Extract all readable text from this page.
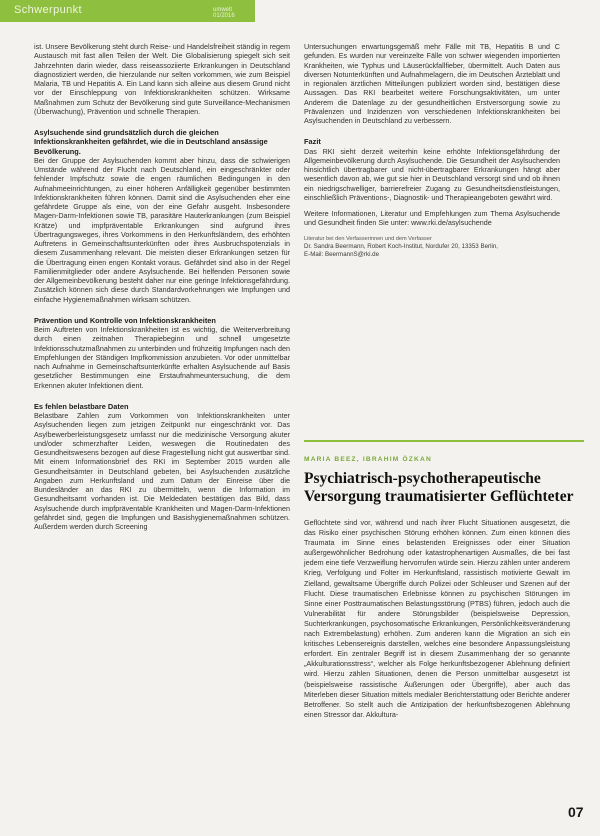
Schwerpunkt	umwelt 01/2016

ist. Unsere Bevölkerung steht durch Reise- und Handelsfreiheit ständig in regem Austausch mit fast allen Teilen der Welt. Die Globalisierung spiegelt sich seit Jahrzehnten darin wieder, dass reiseassoziierte Erkrankungen in Deutschland diagnostiziert werden, die hierzulande nur selten vorkommen, wie zum Beispiel Malaria, TB und Hepatitis A. Ein Land kann sich alleine aus diesem Grund nicht vor der Einschleppung von Infektionskrankheiten schützen. Wirksame Maßnahmen zum Schutz der Bevölkerung sind gute Surveillance-Mechanismen (Überwachung), Prävention und schnelle Therapien.

Asylsuchende sind grundsätzlich durch die gleichen Infektionskrankheiten gefährdet, wie die in Deutschland ansässige Bevölkerung.

Bei der Gruppe der Asylsuchenden kommt aber hinzu, dass die schwierigen Umstände während der Flucht nach Deutschland, ein eingeschränkter oder fehlender Impfschutz sowie die engen räumlichen Bedingungen in den Aufnahmeeinrichtungen, zu einer höheren Anfälligkeit gegenüber bestimmten Infektionskrankheiten führen können. Damit sind die Asylsuchenden eher eine gefährdete Gruppe als eine, von der eine Gefahr ausgeht. Insbesondere Magen-Darm-Infektionen sowie TB, parasitäre Hauterkrankungen (zum Beispiel Krätze) und impfpräventable Erkrankungen sind aufgrund ihres Übertragungsweges, ihres Vorkommens in den Herkunftsländern, des erhöhten Auftretens in Gemeinschaftsunterkünften oder ihres Ausbruchspotenzials in diesem Zusammenhang relevant. Die meisten dieser Erkrankungen setzen für die Übertragung einen engen Kontakt voraus. Gefährdet sind also in der Regel Familienmitglieder oder andere Asylsuchende. Bei helfenden Personen sowie der Allgemeinbevölkerung besteht daher nur eine geringe Infektionsgefährdung. Zusätzlich können sich diese durch Standardvorkehrungen wie Impfungen und einfache Hygienemaßnahmen wirksam schützen.

Prävention und Kontrolle von Infektionskrankheiten

Beim Auftreten von Infektionskrankheiten ist es wichtig, die Weiterverbreitung durch einen zeitnahen Therapiebeginn und schnell umgesetzte Infektionsschutzmaßnahmen zu unterbinden und frühzeitig Impfungen nach den Empfehlungen der Ständigen Impfkommission anzubieten. Vor oder unmittelbar nach Aufnahme in Gemeinschaftsunterkünfte erhalten Asylsuchende auf Basis gesetzlicher Bestimmungen eine Erstaufnahmeuntersuchung, die dem Erkennen akuter Infektionen dient.

Es fehlen belastbare Daten

Belastbare Zahlen zum Vorkommen von Infektionskrankheiten unter Asylsuchenden liegen zum jetzigen Zeitpunkt nur eingeschränkt vor. Das Asylbewerberleistungsgesetz umfasst nur die medizinische Versorgung akuter und/oder schmerzhafter Leiden, weswegen die Routinedaten des Gesundheitswesens bezogen auf diese Fragestellung nicht gut auswertbar sind. Mit einem Informationsbrief des RKI im September 2015 wurden alle Gesundheitsämter in Deutschland gebeten, bei Asylsuchenden zusätzliche Angaben zum Herkunftsland und zum Datum der Einreise über die Bundesländer an das RKI zu übermitteln, wenn die Information im Gesundheitsamt vorhanden ist. Die Meldedaten bestätigen das Bild, dass Asylsuchende durch impfpräventable Krankheiten und Magen-Darm-Infektionen gefährdet sind, gegen die Impfungen und Basishygienemaßnahmen schützen. Außerdem werden durch Screening

Untersuchungen erwartungsgemäß mehr Fälle mit TB, Hepatitis B und C gefunden. Es wurden nur vereinzelte Fälle von schwer wiegenden importierten Krankheiten, wie Typhus und Läuserückfallfieber, übermittelt. Auch Daten aus diversen Notunterkünften und Aufnahmelagern, die im Deutschen Ärzteblatt und in regionalen ärztlichen Mitteilungen publiziert worden sind, bestätigen diese Aussagen. Das RKI bearbeitet weitere Forschungsaktivitäten, um unter Anderem die Datenlage zu der gesundheitlichen Erstversorgung sowie zu Prävalenzen und Inzidenzen von verschiedenen Infektionskrankheiten bei Asylsuchenden in Deutschland zu verbessern.

Fazit

Das RKI sieht derzeit weiterhin keine erhöhte Infektionsgefährdung der Allgemeinbevölkerung durch Asylsuchende. Die Gesundheit der Asylsuchenden hinsichtlich übertragbarer und nicht-übertragbarer Erkrankungen hängt aber wesentlich davon ab, wie gut sie hier in Deutschland versorgt sind und ob ihnen ein niedrigschwelliger, barrierefreier Zugang zu Gesundheitsdienstleistungen, einschließlich Präventions-, Diagnostik- und Therapieangeboten gewährt wird.

Weitere Informationen, Literatur und Empfehlungen zum Thema Asylsuchende und Gesundheit finden Sie unter: www.rki.de/asylsuchende

Literatur bei den Verfasserinnen und dem Verfasser

Dr. Sandra Beermann, Robert Koch-Institut, Nordufer 20, 13353 Berlin,

E-Mail: BeermannS@rki.de

MARIA BEEZ, IBRAHIM ÖZKAN
Psychiatrisch-psychotherapeutische Versorgung traumatisierter Geflüchteter

Geflüchtete sind vor, während und nach ihrer Flucht Situationen ausgesetzt, die das Risiko einer psychischen Störung erhöhen können. Zum einen können dies Traumata im Sinne eines belastenden Ereignisses oder einer Situation außergewöhnlicher Bedrohung oder katastrophenartigen Ausmaßes, die bei fast jedem eine tiefe Verzweiflung hervorrufen würde sein. Hierzu zählen unter anderem Krieg, Verfolgung und Folter im Herkunftsland, rassistisch motivierte Gewalt im Zielland, gewaltsame Übergriffe durch Polizei oder Schleuser und Szenen auf der Flucht. Diese traumatischen Erlebnisse können zu psychischen Störungen im Sinne einer Posttraumatischen Belastungsstörung (PTBS) führen, jedoch auch die Vulnerabilität für andere Störungsbilder (beispielsweise Depression, Suchterkrankungen, psychosomatische Erkrankungen, Persönlichkeitsveränderung nach Extrembelastung) erhöhen. Zum anderen kann die Migration an sich ein kritisches Lebensereignis darstellen, welches eine besondere Anpassungsleistung erfordert. Ein zentraler Begriff ist in diesem Zusammenhang der so genannte „Akkulturationsstress“, welcher als Folge herkunftsbezogener Ablehnung definiert wird. Hierzu zählen Situationen, denen die Person unmittelbar ausgesetzt ist (beispielsweise rassistische Äußerungen oder Übergriffe), aber auch das Miterleben dieser Situation mittels medialer Berichterstattung oder Berichte anderer Betroffener. So stellt auch die Antizipation der herkunftsbezogenen Ablehnung einen Stressor dar. Akkultura-

07
